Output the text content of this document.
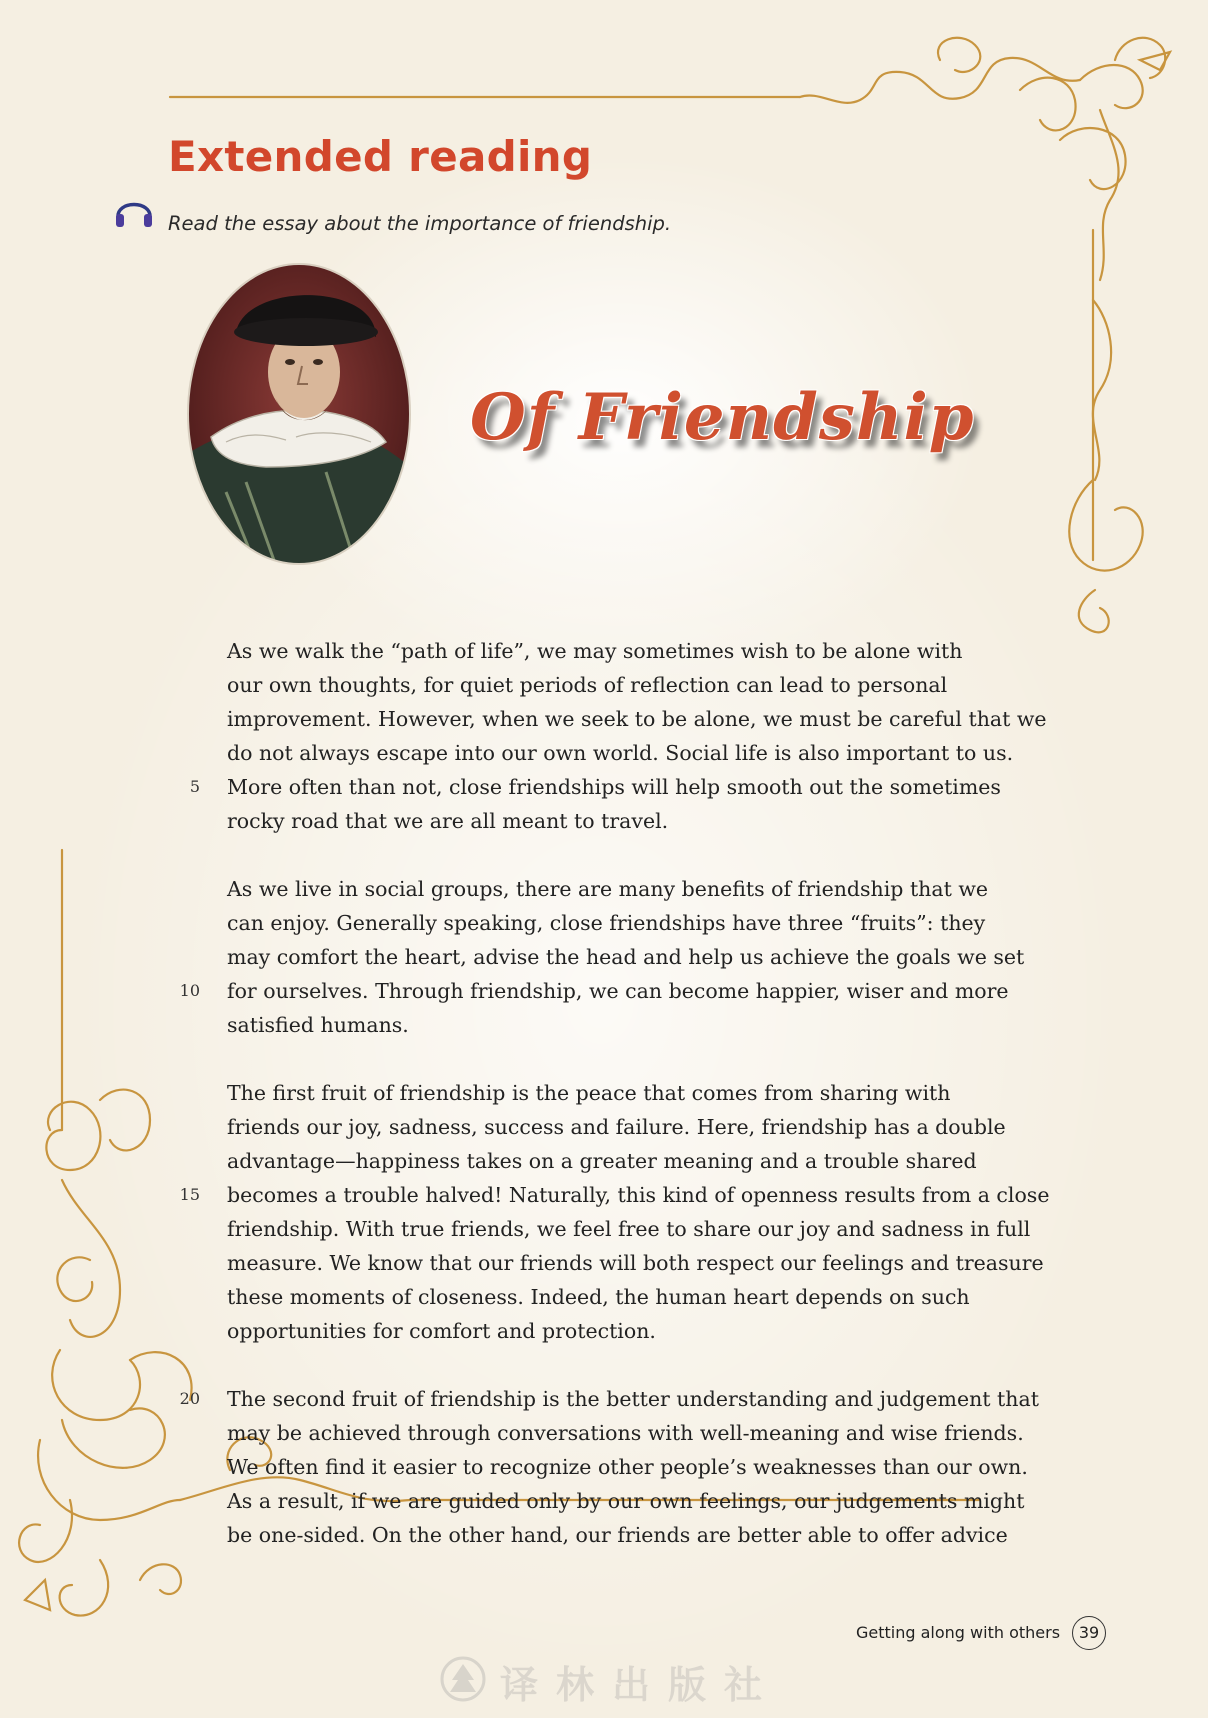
Extended reading
Read the essay about the importance of friendship.
Of Friendship
As we walk the “path of life”, we may sometimes wish to be alone with
our own thoughts, for quiet periods of reflection can lead to personal
improvement. However, when we seek to be alone, we must be careful that we
do not always escape into our own world. Social life is also important to us.
5 More often than not, close friendships will help smooth out the sometimes
rocky road that we are all meant to travel.
As we live in social groups, there are many benefits of friendship that we
can enjoy. Generally speaking, close friendships have three “fruits”: they
may comfort the heart, advise the head and help us achieve the goals we set
10 for ourselves. Through friendship, we can become happier, wiser and more
satisfied humans.
The first fruit of friendship is the peace that comes from sharing with
friends our joy, sadness, success and failure. Here, friendship has a double
advantage—happiness takes on a greater meaning and a trouble shared
15 becomes a trouble halved! Naturally, this kind of openness results from a close
friendship. With true friends, we feel free to share our joy and sadness in full
measure. We know that our friends will both respect our feelings and treasure
these moments of closeness. Indeed, the human heart depends on such
opportunities for comfort and protection.
20 The second fruit of friendship is the better understanding and judgement that
may be achieved through conversations with well-meaning and wise friends.
We often find it easier to recognize other people’s weaknesses than our own.
As a result, if we are guided only by our own feelings, our judgements might
be one-sided. On the other hand, our friends are better able to offer advice
Getting along with others	39
译林出版社
